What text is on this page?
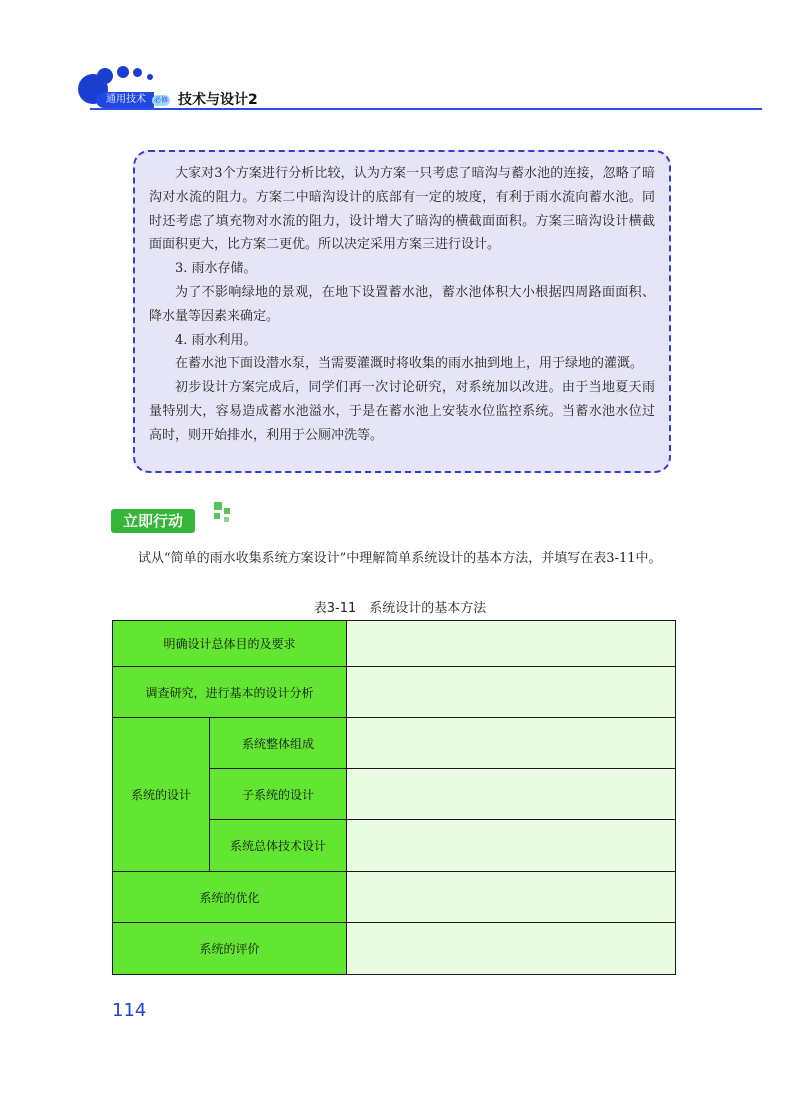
通用技术	必修 技术与设计2

大家对3个方案进行分析比较，认为方案一只考虑了暗沟与蓄水池的连接，忽略了暗沟对水流的阻力。方案二中暗沟设计的底部有一定的坡度，有利于雨水流向蓄水池。同时还考虑了填充物对水流的阻力，设计增大了暗沟的横截面面积。方案三暗沟设计横截面面积更大，比方案二更优。所以决定采用方案三进行设计。

3. 雨水存储。

为了不影响绿地的景观，在地下设置蓄水池，蓄水池体积大小根据四周路面面积、降水量等因素来确定。

4. 雨水利用。

在蓄水池下面设潜水泵，当需要灌溉时将收集的雨水抽到地上，用于绿地的灌溉。

初步设计方案完成后，同学们再一次讨论研究，对系统加以改进。由于当地夏天雨量特别大，容易造成蓄水池溢水，于是在蓄水池上安装水位监控系统。当蓄水池水位过高时，则开始排水，利用于公厕冲洗等。

立即行动

试从“简单的雨水收集系统方案设计”中理解简单系统设计的基本方法，并填写在表3-11中。

表3-11　系统设计的基本方法
明确设计总体目的及要求		
调查研究，进行基本的设计分析		
系统的设计	系统整体组成	
	子系统的设计	
	系统总体技术设计	
系统的优化		
系统的评价		
114
